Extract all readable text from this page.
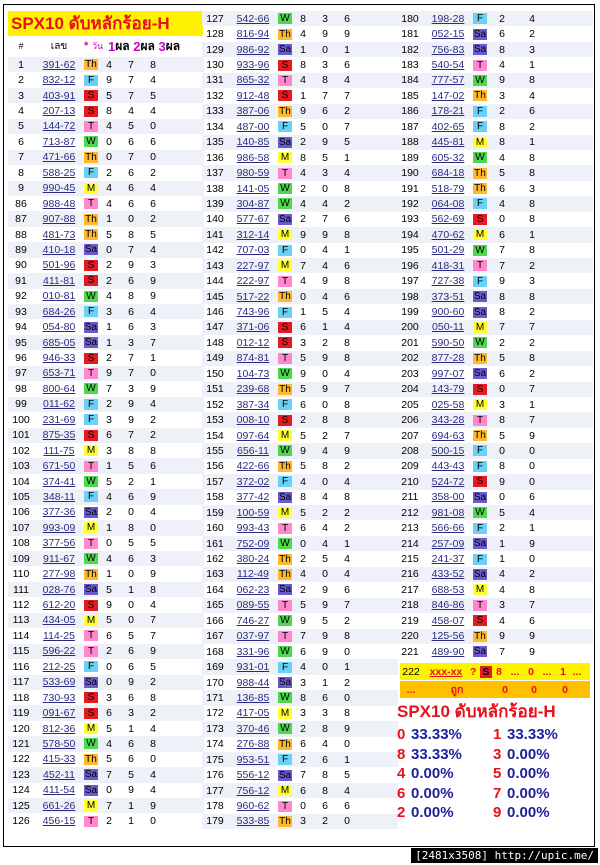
SPX10 ดับหลักร้อย-H
#	เลข	* วัน 1 ผล 2 ผล 3 ผล
1	391-62 Th 4	7	8
2	832-12	F	9	7	4
3	403-91	S	5	7	5
4	207-13	S	8	4	4
5	144-72	T	4	5	0
6	713-87	W 0	6	6
7	471-66 Th 0	7	0
8	588-25	F	2	6	2
9	990-45	M	4	6	4
86	988-48	T	4	6	6
87	907-88 Th 1	0	2
88	481-73 Th 5	8	5
89	410-18 Sa 0	7	4
90	501-96	S	2	9	3
91	411-81	S	2	6	9
92	010-81	W 4	8	9
93	684-26	F	3	6	4
94	054-80 Sa 1	6	3
95	685-05 Sa 1	3	7
96	946-33	S	2	7	1
97	653-71	T	9	7	0
98	800-64	W 7	3	9
99	011-62	F	2	9	4
100	231-69	F	3	9	2
101	875-35	S	6	7	2
102	111-75	M	3	8	8
103	671-50	T	1	5	6
104	374-41	W 5	2	1
105	348-11	F	4	6	9
106	377-36 Sa 2	0	4
107	993-09	M	1	8	0
108	377-56	T	0	5	5
109	911-67	W 4	6	3
110	277-98 Th 1	0	9
111	028-76 Sa 5	1	8
112	612-20	S	9	0	4
113	434-05	M	5	0	7
114	114-25	T	6	5	7
115	596-22	T	2	6	9
116	212-25	F	0	6	5
117	533-69 Sa 0	9	2
118	730-93	S	3	6	8
119	091-67	S	6	3	2
120	812-36	M	5	1	4
121	578-50	W 4	6	8
122	415-33 Th 5	6	0
123	452-11 Sa 7	5	4
124	411-54 Sa 0	9	4
125	661-26	M	7	1	9
126	456-15	T	2	1	0
127	542-66	W 8	3	6
128	816-94 Th 4	9	9
129	986-92 Sa 1	0	1
130	933-96	S	8	3	6
131	865-32	T	4	8	4
132	912-48	S	1	7	7
133	387-06 Th 9	6	2
134	487-00	F	5	0	7
135	140-85 Sa 2	9	5
136	986-58	M	8	5	1
137	980-59	T	4	3	4
138	141-05	W 2	0	8
139	304-87	W 4	4	2
140	577-67 Sa 2	7	6
141	312-14	M	9	9	8
142	707-03	F	0	4	1
143	227-97	M	7	4	6
144	222-97	T	4	9	8
145	517-22 Th 0	4	6
146	743-96	F	1	5	4
147	371-06	S	6	1	4
148	012-12	S	3	2	8
149	874-81	T	5	9	8
150	104-73	W 9	0	4
151	239-68 Th 5	9	7
152	387-34	F	6	0	8
153	008-10	S	2	8	8
154	097-64	M	5	2	7
155	656-11	W 9	4	9
156	422-66 Th 5	8	2
157	372-02	F	4	0	4
158	377-42 Sa 8	4	8
159	100-59	M	5	2	2
160	993-43	T	6	4	2
161	752-09	W 0	4	1
162	380-24 Th 2	5	4
163	112-49	Th 4	0	4
164	062-23 Sa 2	9	6
165	089-55	T	5	9	7
166	746-27	W 9	5	2
167	037-97	T	7	9	8
168	331-96	W 6	9	0
169	931-01	F	4	0	1
170	988-44 Sa 3	1	2
171	136-85	W 8	6	0
172	417-05	M	3	3	8
173	370-46	W 2	8	9
174	276-88 Th 6	4	0
175	953-51	F	2	6	1
176	556-12 Sa 7	8	5
177	756-12	M	6	8	4
178	960-62	T	0	6	6
179	533-85 Th 3	2	0
180	198-28	F	2	4
181	052-15 Sa	6	2
182	756-83 Sa	8	3
183	540-54	T	4	1
184	777-57	W	9	8
185	147-02 Th	3	4
186	178-21	F	2	6
187	402-65	F	8	2
188	445-81	M	8	1
189	605-32	W	4	8
190	684-18 Th	5	8
191	518-79 Th	6	3
192	064-08	F	4	8
193	562-69	S	0	8
194	470-62	M	6	1
195	501-29	W	7	8
196	418-31	T	7	2
197	727-38	F	9	3
198	373-51 Sa	8	8
199	900-60 Sa	8	2
200	050-11	M	7	7
201	590-50	W	2	2
202	877-28 Th	5	8
203	997-07 Sa	6	2
204	143-79	S	0	7
205	025-58	M	3	1
206	343-28	T	8	7
207	694-63 Th	5	9
208	500-15	F	0	0
209	443-43	F	8	0
210	524-72	S	9	0
211	358-00 Sa	0	6
212	981-08	W	5	4
213	566-66	F	2	1
214	257-09 Sa	1	9
215	241-37	F	1	0
216	433-52 Sa	4	2
217	688-53	M	4	8
218	846-86	T	3	7
219	458-07	S	4	6
220	125-56 Th	9	9
221	489-90 Sa	7	9
222 xxx-xx ? S 8 ... 0 ... 1 ...
...	ถูก	0	0	0
SPX10 ดับหลักร้อย-H
0 33.33%	1 33.33%
8 33.33%	3 0.00%
4 0.00%	5 0.00%
6 0.00%	7 0.00%
2 0.00%	9 0.00%
[2481x3508] http://upic.me/
